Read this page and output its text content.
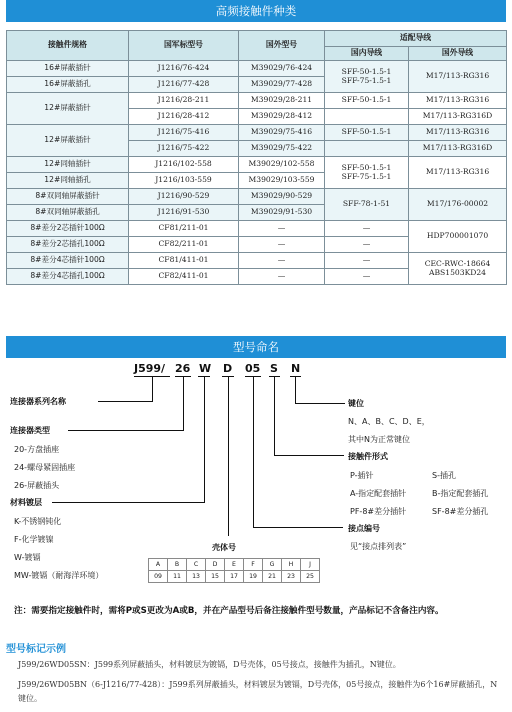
高频接触件种类
接触件规格	国军标型号	国外型号	适配导线	
			国内导线	国外导线
16#屏蔽插针	J1216/76-424	M39029/76-424	SFF-50-1.5-1
SFF-75-1.5-1	M17/113-RG316
16#屏蔽插孔	J1216/77-428	M39029/77-428		
12#屏蔽插针	J1216/28-211	M39029/28-211	SFF-50-1.5-1	M17/113-RG316
	J1216/28-412	M39029/28-412		M17/113-RG316D
12#屏蔽插针	J1216/75-416	M39029/75-416	SFF-50-1.5-1	M17/113-RG316
	J1216/75-422	M39029/75-422		M17/113-RG316D
12#同轴插针	J1216/102-558	M39029/102-558	SFF-50-1.5-1
SFF-75-1.5-1	M17/113-RG316
12#同轴插孔	J1216/103-559	M39029/103-559		
8#双同轴屏蔽插针	J1216/90-529	M39029/90-529	SFF-78-1-51	M17/176-00002
8#双同轴屏蔽插孔	J1216/91-530	M39029/91-530		
8#差分2芯插针100Ω	CF81/211-01	—	—	HDP700001070
8#差分2芯插孔100Ω	CF82/211-01	—	—	
8#差分4芯插针100Ω	CF81/411-01	—	—	CEC-RWC-18664
ABS1503KD24
8#差分4芯插孔100Ω	CF82/411-01	—	—	
型号命名
J599/ 26 W D 05 S N
连接器系列名称
连接器类型
20-方盘插座
24-螺母紧固插座
26-屏蔽插头
材料镀层
K-不锈钢钝化
F-化学镀镍
W-镀镉
MW-镀镉（耐海洋环境）
壳体号
A	B	C	D	E	F	G	H	J
09	11	13	15	17	19	21	23	25
键位
N、A、B、C、D、E，
其中N为正常键位
接触件形式
P-插针	S-插孔
A-指定配套插针	B-指定配套插孔
PF-8#差分插针	SF-8#差分插孔
接点编号
见“接点排列表”
注：需要指定接触件时，需将P或S更改为A或B，并在产品型号后备注接触件型号数量，产品标记不含备注内容。
型号标记示例
J599/26WD05SN：J599系列屏蔽插头，材料镀层为镀镉，D号壳体，05号接点，接触件为插孔，N键位。
J599/26WD05BN（6-J1216/77-428）：J599系列屏蔽插头，材料镀层为镀镉，D号壳体，05号接点，接触件为6个16#屏蔽插孔，N键位。
